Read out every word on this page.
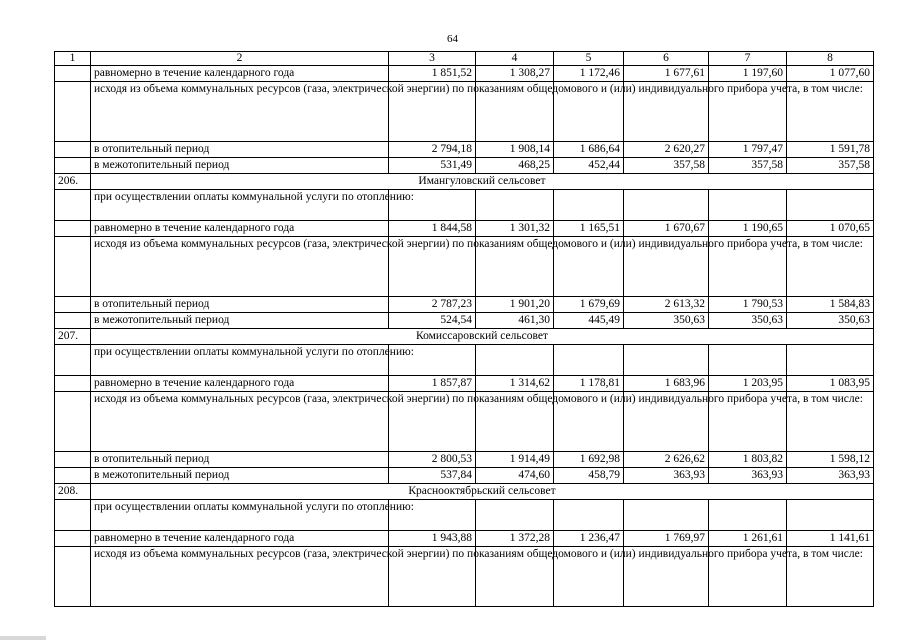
64
1	2	3	4	5	6	7	8
	равномерно в течение календарного года	1 851,52	1 308,27	1 172,46	1 677,61	1 197,60	1 077,60
	исходя из объема коммунальных ресурсов (газа, электрической энергии) по показаниям общедомового и (или) индивидуального прибора учета, в том числе:						
	в отопительный период	2 794,18	1 908,14	1 686,64	2 620,27	1 797,47	1 591,78
	в межотопительный период	531,49	468,25	452,44	357,58	357,58	357,58
206.	Имангуловский сельсовет						
	при осуществлении оплаты коммунальной услуги по отоплению:						
	равномерно в течение календарного года	1 844,58	1 301,32	1 165,51	1 670,67	1 190,65	1 070,65
	исходя из объема коммунальных ресурсов (газа, электрической энергии) по показаниям общедомового и (или) индивидуального прибора учета, в том числе:						
	в отопительный период	2 787,23	1 901,20	1 679,69	2 613,32	1 790,53	1 584,83
	в межотопительный период	524,54	461,30	445,49	350,63	350,63	350,63
207.	Комиссаровский сельсовет						
	при осуществлении оплаты коммунальной услуги по отоплению:						
	равномерно в течение календарного года	1 857,87	1 314,62	1 178,81	1 683,96	1 203,95	1 083,95
	исходя из объема коммунальных ресурсов (газа, электрической энергии) по показаниям общедомового и (или) индивидуального прибора учета, в том числе:						
	в отопительный период	2 800,53	1 914,49	1 692,98	2 626,62	1 803,82	1 598,12
	в межотопительный период	537,84	474,60	458,79	363,93	363,93	363,93
208.	Краснооктябрьский сельсовет						
	при осуществлении оплаты коммунальной услуги по отоплению:						
	равномерно в течение календарного года	1 943,88	1 372,28	1 236,47	1 769,97	1 261,61	1 141,61
	исходя из объема коммунальных ресурсов (газа, электрической энергии) по показаниям общедомового и (или) индивидуального прибора учета, в том числе:						
